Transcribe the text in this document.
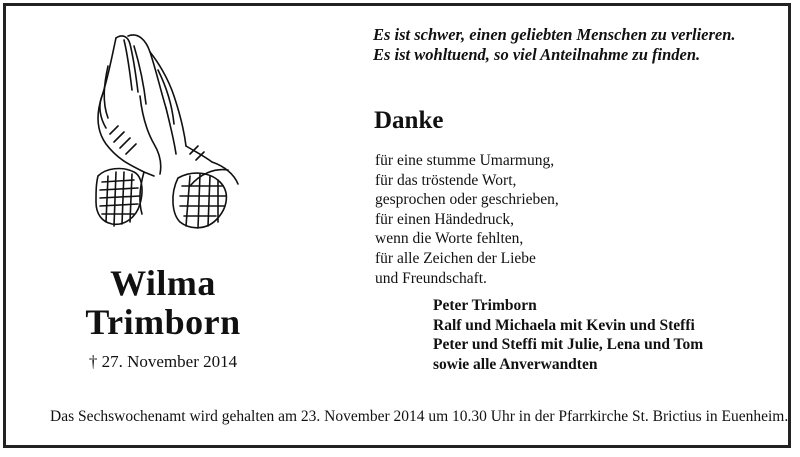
Wilma
Trimborn
† 27. November 2014
Es ist schwer, einen geliebten Menschen zu verlieren.
Es ist wohltuend, so viel Anteilnahme zu finden.
Danke
für eine stumme Umarmung,
für das tröstende Wort,
gesprochen oder geschrieben,
für einen Händedruck,
wenn die Worte fehlten,
für alle Zeichen der Liebe
und Freundschaft.
Peter Trimborn
Ralf und Michaela mit Kevin und Steffi
Peter und Steffi mit Julie, Lena und Tom
sowie alle Anverwandten
Das Sechswochenamt wird gehalten am 23. November 2014 um 10.30 Uhr in der Pfarrkirche St. Brictius in Euenheim.
